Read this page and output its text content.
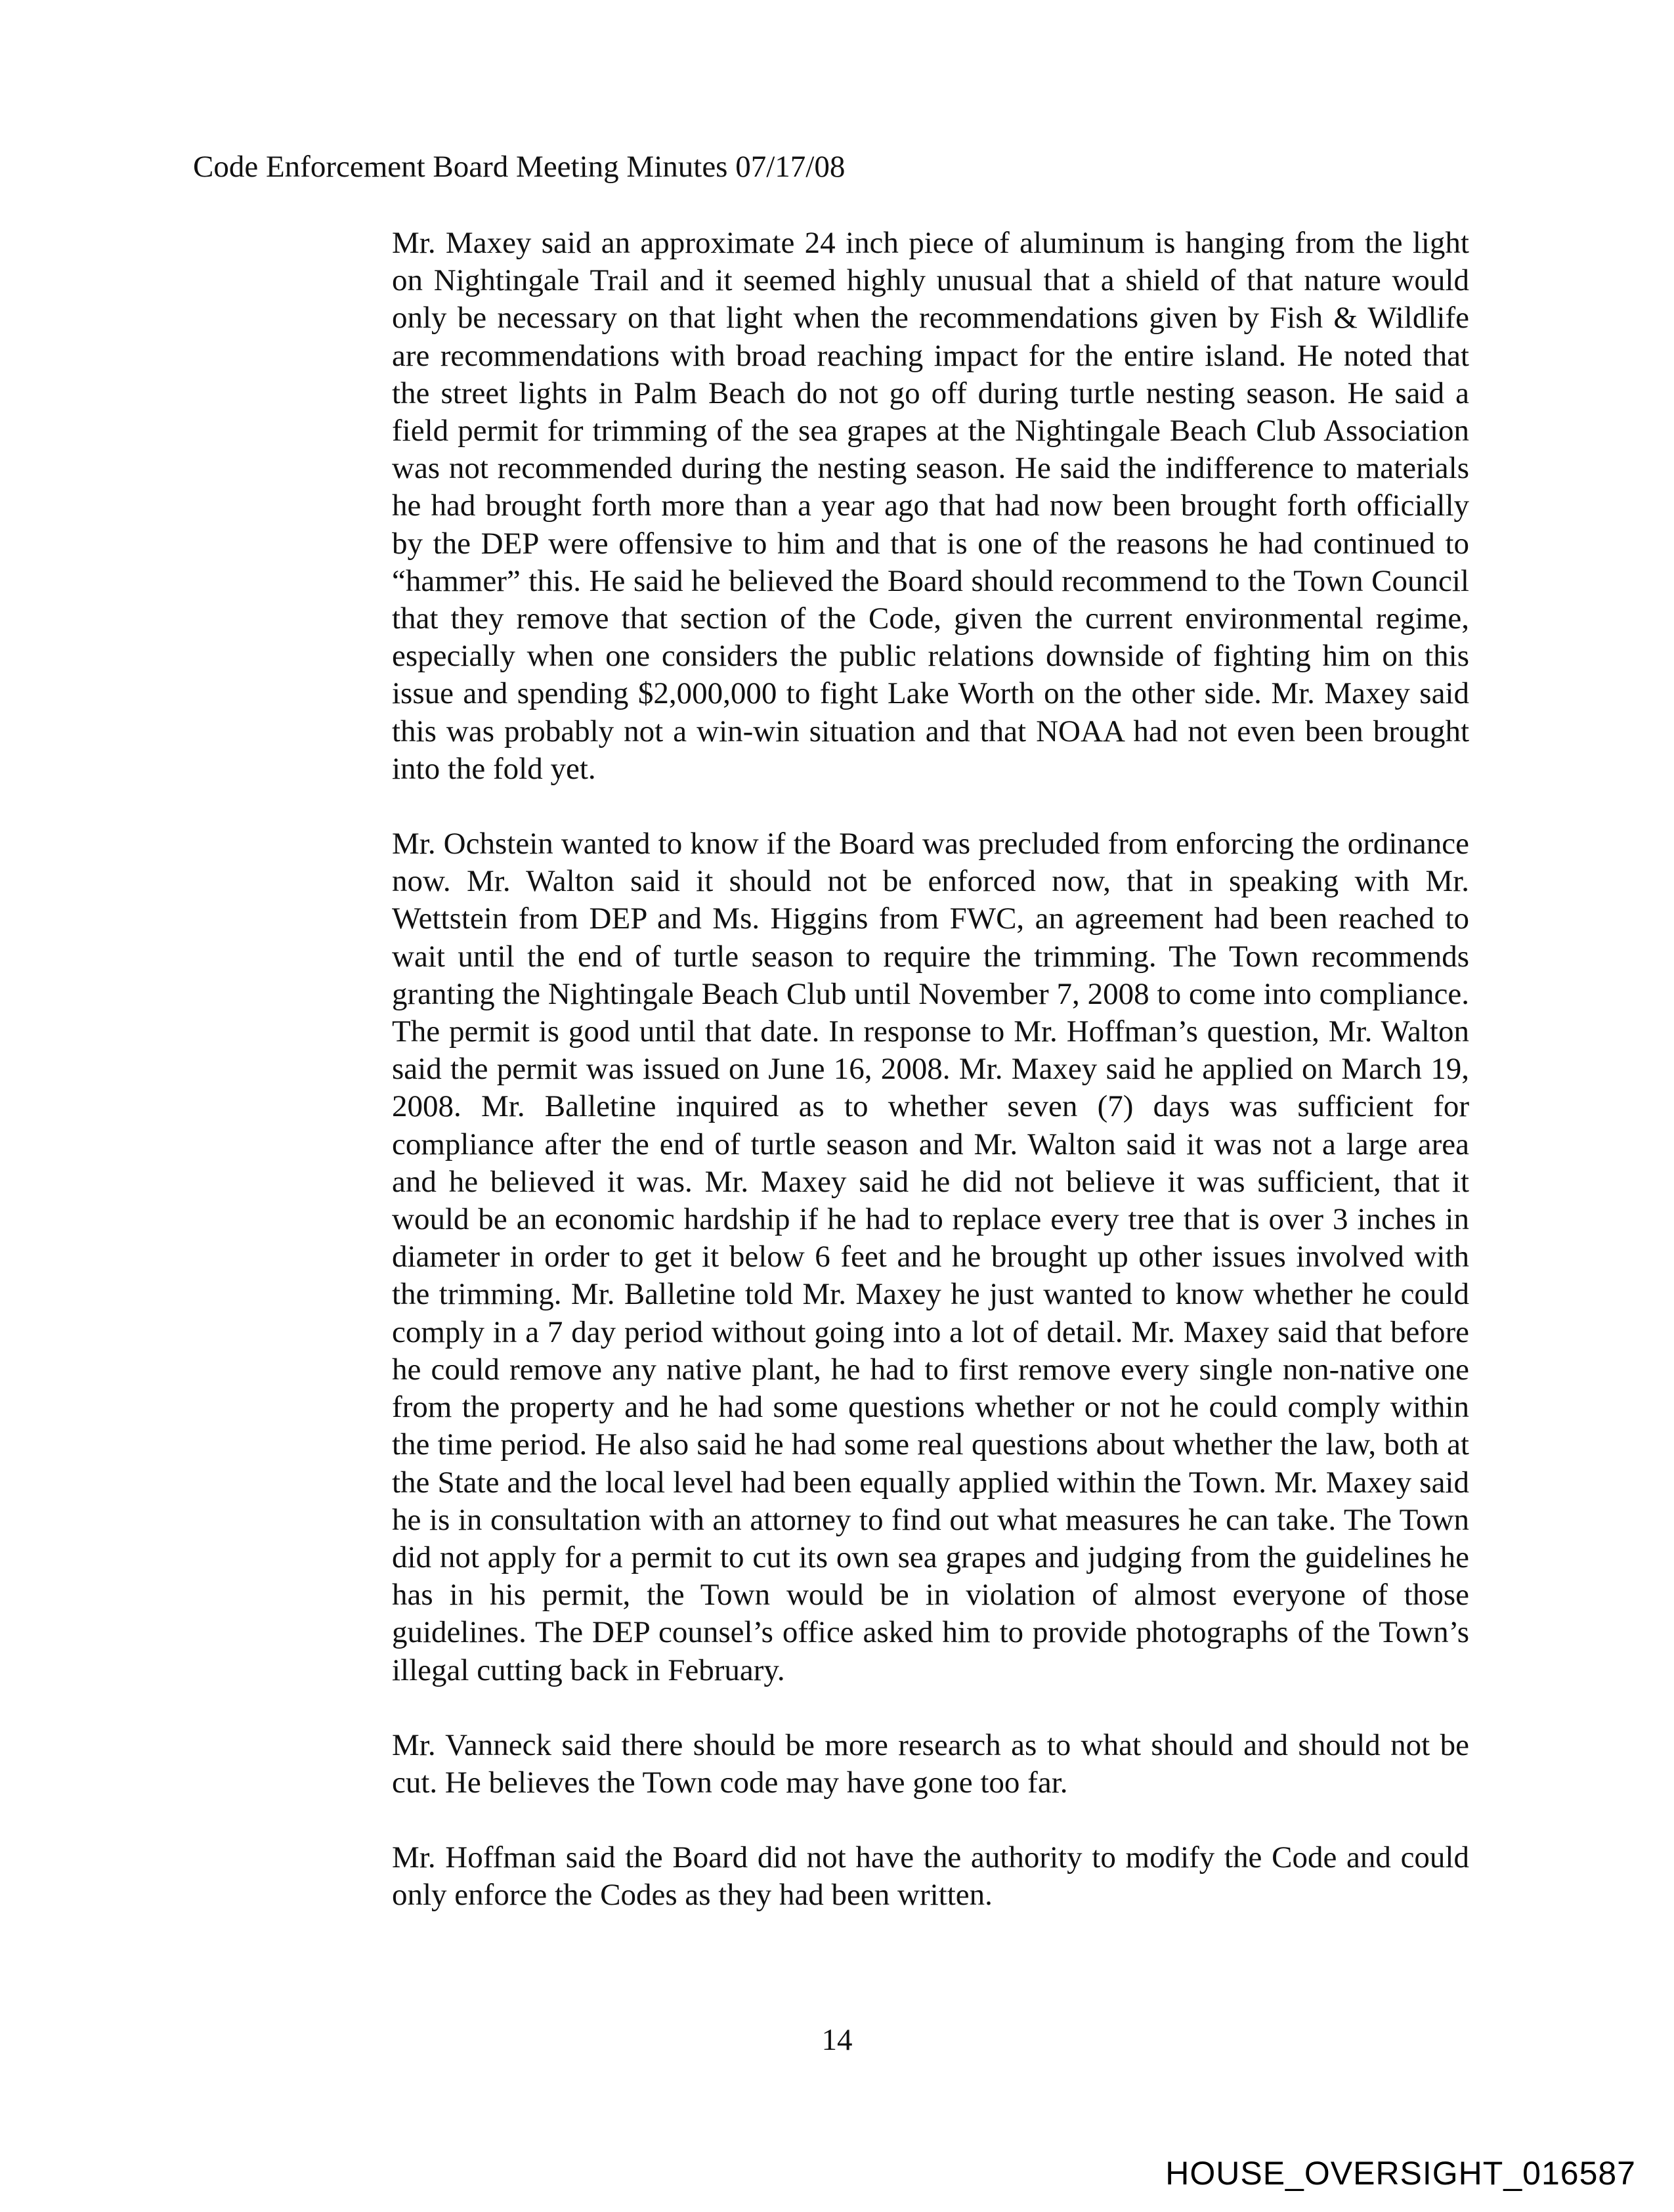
Code Enforcement Board Meeting Minutes 07/17/08

Mr. Maxey said an approximate 24 inch piece of aluminum is hanging from the light on Nightingale Trail and it seemed highly unusual that a shield of that nature would only be necessary on that light when the recommendations given by Fish & Wildlife are recommendations with broad reaching impact for the entire island. He noted that the street lights in Palm Beach do not go off during turtle nesting season. He said a field permit for trimming of the sea grapes at the Nightingale Beach Club Association was not recommended during the nesting season. He said the indifference to materials he had brought forth more than a year ago that had now been brought forth officially by the DEP were offensive to him and that is one of the reasons he had continued to “hammer” this. He said he believed the Board should recommend to the Town Council that they remove that section of the Code, given the current environmental regime, especially when one considers the public relations downside of fighting him on this issue and spending $2,000,000 to fight Lake Worth on the other side. Mr. Maxey said this was probably not a win-win situation and that NOAA had not even been brought into the fold yet.

Mr. Ochstein wanted to know if the Board was precluded from enforcing the ordinance now. Mr. Walton said it should not be enforced now, that in speaking with Mr. Wettstein from DEP and Ms. Higgins from FWC, an agreement had been reached to wait until the end of turtle season to require the trimming. The Town recommends granting the Nightingale Beach Club until November 7, 2008 to come into compliance. The permit is good until that date. In response to Mr. Hoffman’s question, Mr. Walton said the permit was issued on June 16, 2008. Mr. Maxey said he applied on March 19, 2008. Mr. Balletine inquired as to whether seven (7) days was sufficient for compliance after the end of turtle season and Mr. Walton said it was not a large area and he believed it was. Mr. Maxey said he did not believe it was sufficient, that it would be an economic hardship if he had to replace every tree that is over 3 inches in diameter in order to get it below 6 feet and he brought up other issues involved with the trimming. Mr. Balletine told Mr. Maxey he just wanted to know whether he could comply in a 7 day period without going into a lot of detail. Mr. Maxey said that before he could remove any native plant, he had to first remove every single non-native one from the property and he had some questions whether or not he could comply within the time period. He also said he had some real questions about whether the law, both at the State and the local level had been equally applied within the Town. Mr. Maxey said he is in consultation with an attorney to find out what measures he can take. The Town did not apply for a permit to cut its own sea grapes and judging from the guidelines he has in his permit, the Town would be in violation of almost everyone of those guidelines. The DEP counsel’s office asked him to provide photographs of the Town’s illegal cutting back in February.

Mr. Vanneck said there should be more research as to what should and should not be cut. He believes the Town code may have gone too far.

Mr. Hoffman said the Board did not have the authority to modify the Code and could only enforce the Codes as they had been written.

14
HOUSE_OVERSIGHT_016587
